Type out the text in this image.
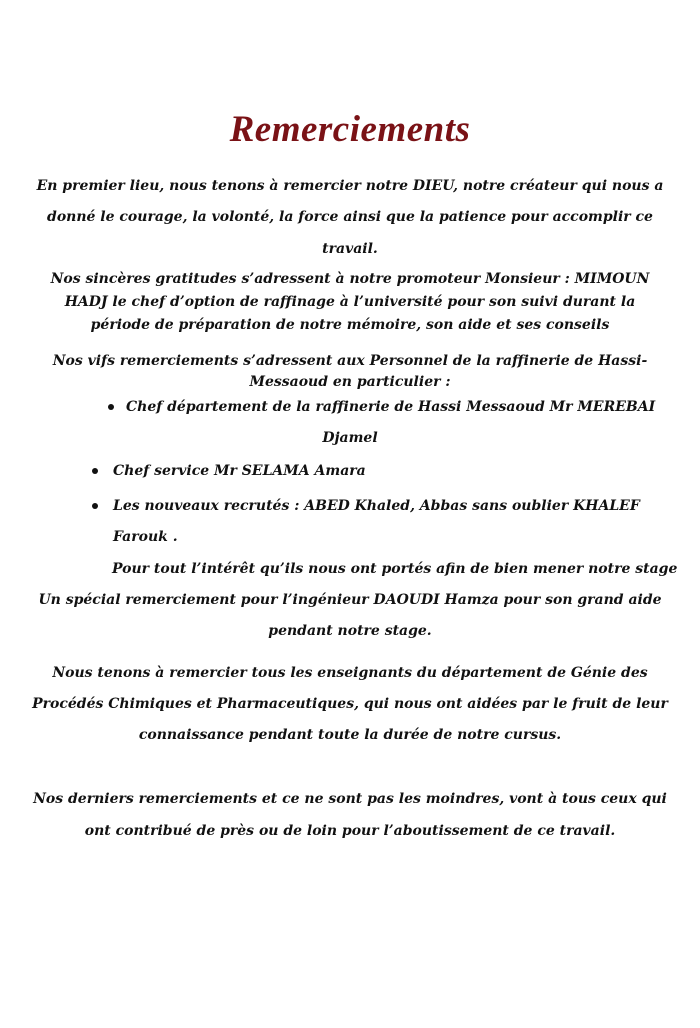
Remerciements
En premier lieu, nous tenons à remercier notre DIEU, notre créateur qui nous a
donné le courage, la volonté, la force ainsi que la patience pour accomplir ce
travail.
Nos sincères gratitudes s’adressent à notre promoteur Monsieur : MIMOUN
HADJ le chef d’option de raffinage à l’université pour son suivi durant la
période de préparation de notre mémoire, son aide et ses conseils
Nos vifs remerciements s’adressent aux Personnel de la raffinerie de Hassi-
Messaoud en particulier :
Chef département de la raffinerie de Hassi Messaoud Mr MEREBAI
Djamel
Chef service Mr SELAMA Amara
Les nouveaux recrutés : ABED Khaled, Abbas sans oublier KHALEF
Farouk .
Pour tout l’intérêt qu’ils nous ont portés afin de bien mener notre stage
Un spécial remerciement pour l’ingénieur DAOUDI Hamza pour son grand aide
pendant notre stage.
Nous tenons à remercier tous les enseignants du département de Génie des
Procédés Chimiques et Pharmaceutiques, qui nous ont aidées par le fruit de leur
connaissance pendant toute la durée de notre cursus.
Nos derniers remerciements et ce ne sont pas les moindres, vont à tous ceux qui
ont contribué de près ou de loin pour l’aboutissement de ce travail.
